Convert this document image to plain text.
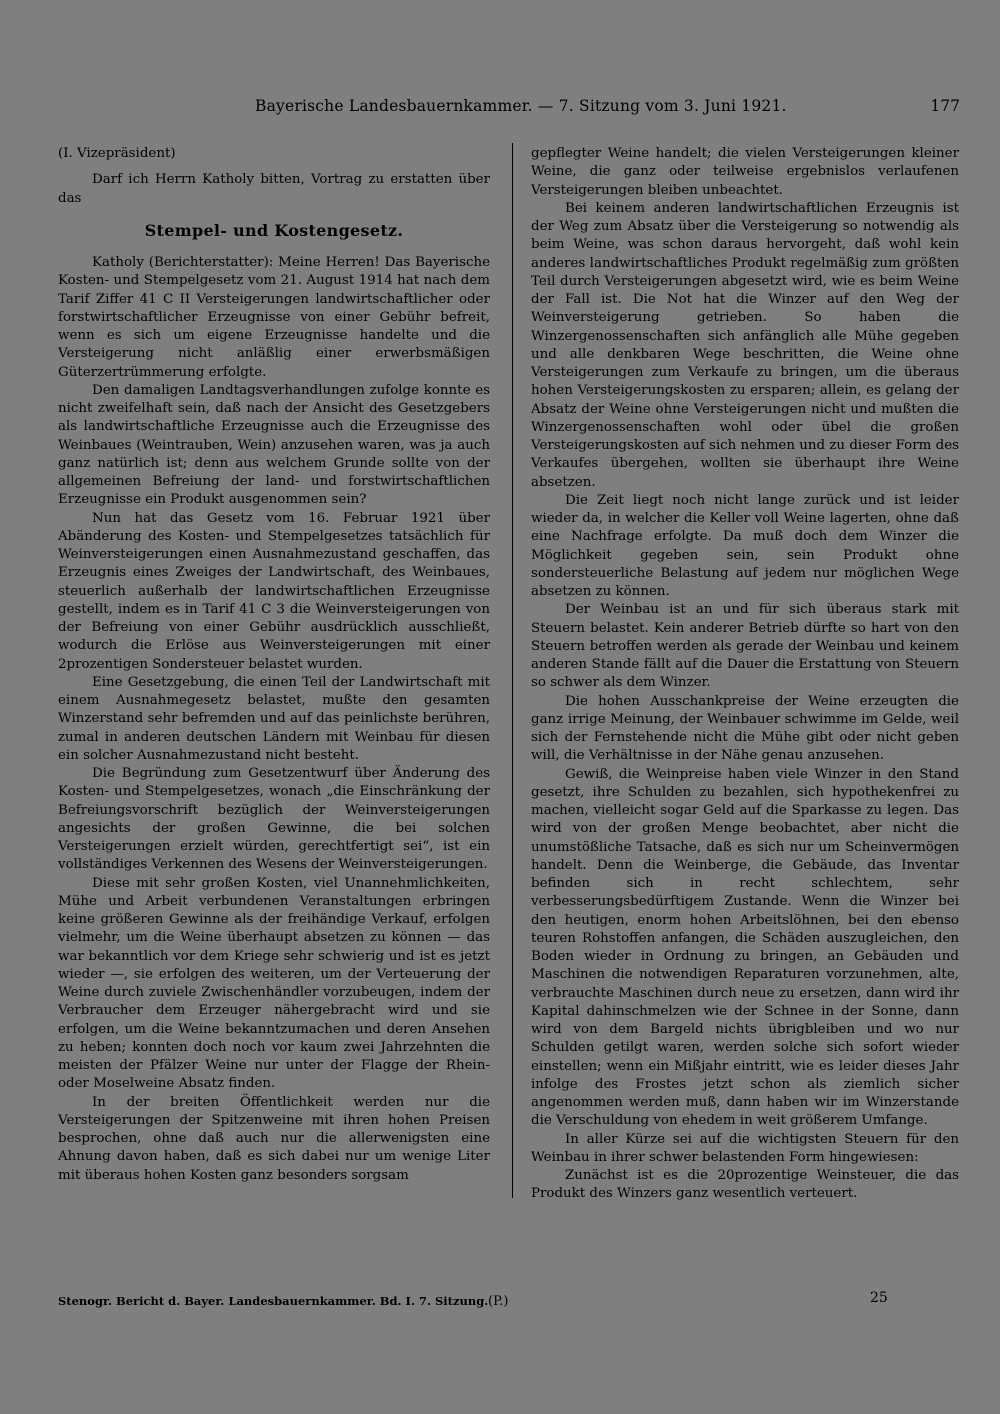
Bayerische Landesbauernkammer. — 7. Sitzung vom 3. Juni 1921.	177

(I. Vizepräsident)

Darf ich Herrn Katholy bitten, Vortrag zu erstatten über das

Stempel- und Kostengesetz.

Katholy (Berichterstatter): Meine Herren! Das Bayerische Kosten- und Stempelgesetz vom 21. August 1914 hat nach dem Tarif Ziffer 41 C II Versteigerungen landwirtschaftlicher oder forstwirtschaftlicher Erzeugnisse von einer Gebühr befreit, wenn es sich um eigene Erzeugnisse handelte und die Versteigerung nicht anläßlig einer erwerbsmäßigen Güterzertrümmerung erfolgte.

Den damaligen Landtagsverhandlungen zufolge konnte es nicht zweifelhaft sein, daß nach der Ansicht des Gesetzgebers als landwirtschaftliche Erzeugnisse auch die Erzeugnisse des Weinbaues (Weintrauben, Wein) anzusehen waren, was ja auch ganz natürlich ist; denn aus welchem Grunde sollte von der allgemeinen Befreiung der land- und forstwirtschaftlichen Erzeugnisse ein Produkt ausgenommen sein?

Nun hat das Gesetz vom 16. Februar 1921 über Abänderung des Kosten- und Stempelgesetzes tatsächlich für Weinversteigerungen einen Ausnahmezustand geschaffen, das Erzeugnis eines Zweiges der Landwirtschaft, des Weinbaues, steuerlich außerhalb der landwirtschaftlichen Erzeugnisse gestellt, indem es in Tarif 41 C 3 die Weinversteigerungen von der Befreiung von einer Gebühr ausdrücklich ausschließt, wodurch die Erlöse aus Weinversteigerungen mit einer 2prozentigen Sondersteuer belastet wurden.

Eine Gesetzgebung, die einen Teil der Landwirtschaft mit einem Ausnahmegesetz belastet, mußte den gesamten Winzerstand sehr befremden und auf das peinlichste berühren, zumal in anderen deutschen Ländern mit Weinbau für diesen ein solcher Ausnahmezustand nicht besteht.

Die Begründung zum Gesetzentwurf über Änderung des Kosten- und Stempelgesetzes, wonach „die Einschränkung der Befreiungsvorschrift bezüglich der Weinversteigerungen angesichts der großen Gewinne, die bei solchen Versteigerungen erzielt würden, gerechtfertigt sei“, ist ein vollständiges Verkennen des Wesens der Weinversteigerungen.

Diese mit sehr großen Kosten, viel Unannehmlichkeiten, Mühe und Arbeit verbundenen Veranstaltungen erbringen keine größeren Gewinne als der freihändige Verkauf, erfolgen vielmehr, um die Weine überhaupt absetzen zu können — das war bekanntlich vor dem Kriege sehr schwierig und ist es jetzt wieder —, sie erfolgen des weiteren, um der Verteuerung der Weine durch zuviele Zwischenhändler vorzubeugen, indem der Verbraucher dem Erzeuger nähergebracht wird und sie erfolgen, um die Weine bekanntzumachen und deren Ansehen zu heben; konnten doch noch vor kaum zwei Jahrzehnten die meisten der Pfälzer Weine nur unter der Flagge der Rhein- oder Moselweine Absatz finden.

In der breiten Öffentlichkeit werden nur die Versteigerungen der Spitzenweine mit ihren hohen Preisen besprochen, ohne daß auch nur die allerwenigsten eine Ahnung davon haben, daß es sich dabei nur um wenige Liter mit überaus hohen Kosten ganz besonders sorgsam

gepflegter Weine handelt; die vielen Versteigerungen kleiner Weine, die ganz oder teilweise ergebnislos verlaufenen Versteigerungen bleiben unbeachtet.

Bei keinem anderen landwirtschaftlichen Erzeugnis ist der Weg zum Absatz über die Versteigerung so notwendig als beim Weine, was schon daraus hervorgeht, daß wohl kein anderes landwirtschaftliches Produkt regelmäßig zum größten Teil durch Versteigerungen abgesetzt wird, wie es beim Weine der Fall ist. Die Not hat die Winzer auf den Weg der Weinversteigerung getrieben. So haben die Winzergenossenschaften sich anfänglich alle Mühe gegeben und alle denkbaren Wege beschritten, die Weine ohne Versteigerungen zum Verkaufe zu bringen, um die überaus hohen Versteigerungskosten zu ersparen; allein, es gelang der Absatz der Weine ohne Versteigerungen nicht und mußten die Winzergenossenschaften wohl oder übel die großen Versteigerungskosten auf sich nehmen und zu dieser Form des Verkaufes übergehen, wollten sie überhaupt ihre Weine absetzen.

Die Zeit liegt noch nicht lange zurück und ist leider wieder da, in welcher die Keller voll Weine lagerten, ohne daß eine Nachfrage erfolgte. Da muß doch dem Winzer die Möglichkeit gegeben sein, sein Produkt ohne sondersteuerliche Belastung auf jedem nur möglichen Wege absetzen zu können.

Der Weinbau ist an und für sich überaus stark mit Steuern belastet. Kein anderer Betrieb dürfte so hart von den Steuern betroffen werden als gerade der Weinbau und keinem anderen Stande fällt auf die Dauer die Erstattung von Steuern so schwer als dem Winzer.

Die hohen Ausschankpreise der Weine erzeugten die ganz irrige Meinung, der Weinbauer schwimme im Gelde, weil sich der Fernstehende nicht die Mühe gibt oder nicht geben will, die Verhältnisse in der Nähe genau anzusehen.

Gewiß, die Weinpreise haben viele Winzer in den Stand gesetzt, ihre Schulden zu bezahlen, sich hypothekenfrei zu machen, vielleicht sogar Geld auf die Sparkasse zu legen. Das wird von der großen Menge beobachtet, aber nicht die unumstößliche Tatsache, daß es sich nur um Scheinvermögen handelt. Denn die Weinberge, die Gebäude, das Inventar befinden sich in recht schlechtem, sehr verbesserungsbedürftigem Zustande. Wenn die Winzer bei den heutigen, enorm hohen Arbeitslöhnen, bei den ebenso teuren Rohstoffen anfangen, die Schäden auszugleichen, den Boden wieder in Ordnung zu bringen, an Gebäuden und Maschinen die notwendigen Reparaturen vorzunehmen, alte, verbrauchte Maschinen durch neue zu ersetzen, dann wird ihr Kapital dahinschmelzen wie der Schnee in der Sonne, dann wird von dem Bargeld nichts übrigbleiben und wo nur Schulden getilgt waren, werden solche sich sofort wieder einstellen; wenn ein Mißjahr eintritt, wie es leider dieses Jahr infolge des Frostes jetzt schon als ziemlich sicher angenommen werden muß, dann haben wir im Winzerstande die Verschuldung von ehedem in weit größerem Umfange.

In aller Kürze sei auf die wichtigsten Steuern für den Weinbau in ihrer schwer belastenden Form hingewiesen:

Zunächst ist es die 20prozentige Weinsteuer, die das Produkt des Winzers ganz wesentlich verteuert.

Stenogr. Bericht d. Bayer. Landesbauernkammer. Bd. I. 7. Sitzung. (P.)	25
